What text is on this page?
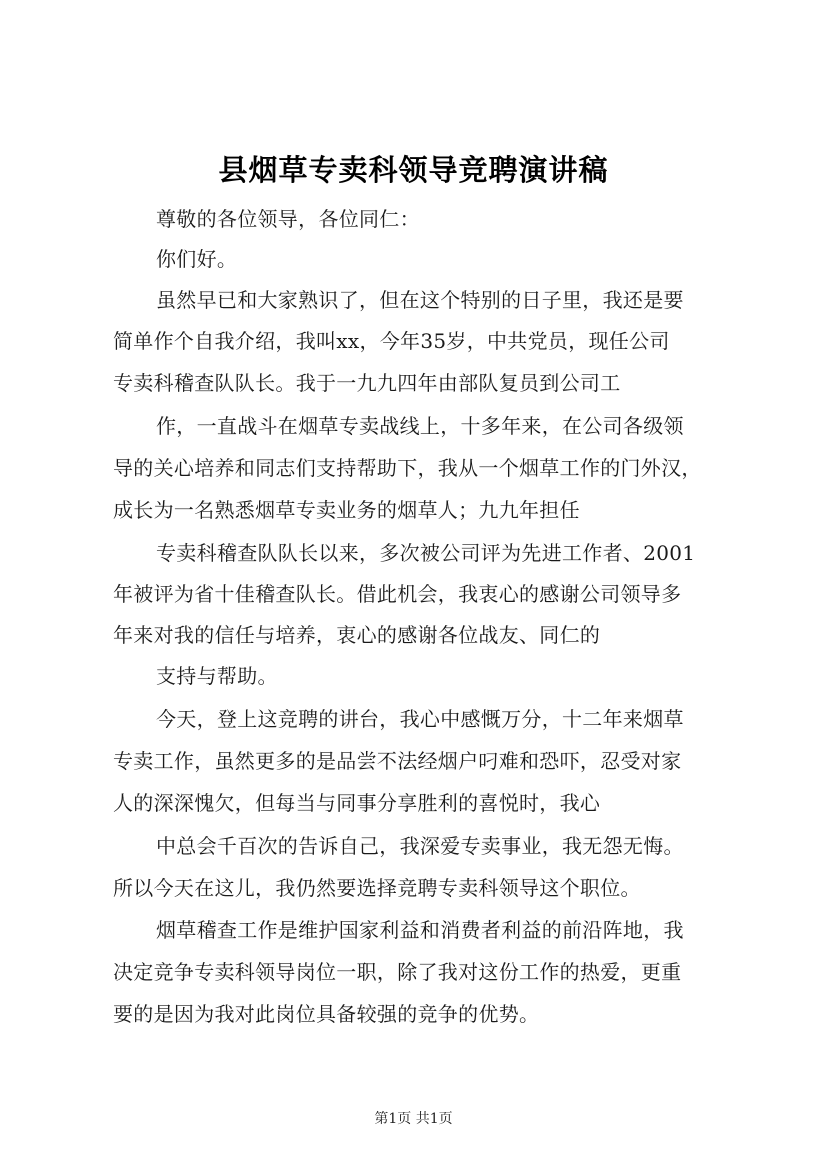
县烟草专卖科领导竞聘演讲稿
尊敬的各位领导，各位同仁：
你们好。
虽然早已和大家熟识了，但在这个特别的日子里，我还是要
简单作个自我介绍，我叫xx，今年35岁，中共党员，现任公司
专卖科稽查队队长。我于一九九四年由部队复员到公司工
作，一直战斗在烟草专卖战线上，十多年来，在公司各级领
导的关心培养和同志们支持帮助下，我从一个烟草工作的门外汉，
成长为一名熟悉烟草专卖业务的烟草人；九九年担任
专卖科稽查队队长以来，多次被公司评为先进工作者、2001
年被评为省十佳稽查队长。借此机会，我衷心的感谢公司领导多
年来对我的信任与培养，衷心的感谢各位战友、同仁的
支持与帮助。
今天，登上这竞聘的讲台，我心中感慨万分，十二年来烟草
专卖工作，虽然更多的是品尝不法经烟户叼难和恐吓，忍受对家
人的深深愧欠，但每当与同事分享胜利的喜悦时，我心
中总会千百次的告诉自己，我深爱专卖事业，我无怨无悔。
所以今天在这儿，我仍然要选择竞聘专卖科领导这个职位。
烟草稽查工作是维护国家利益和消费者利益的前沿阵地，我
决定竞争专卖科领导岗位一职，除了我对这份工作的热爱，更重
要的是因为我对此岗位具备较强的竞争的优势。
第1页 共1页
